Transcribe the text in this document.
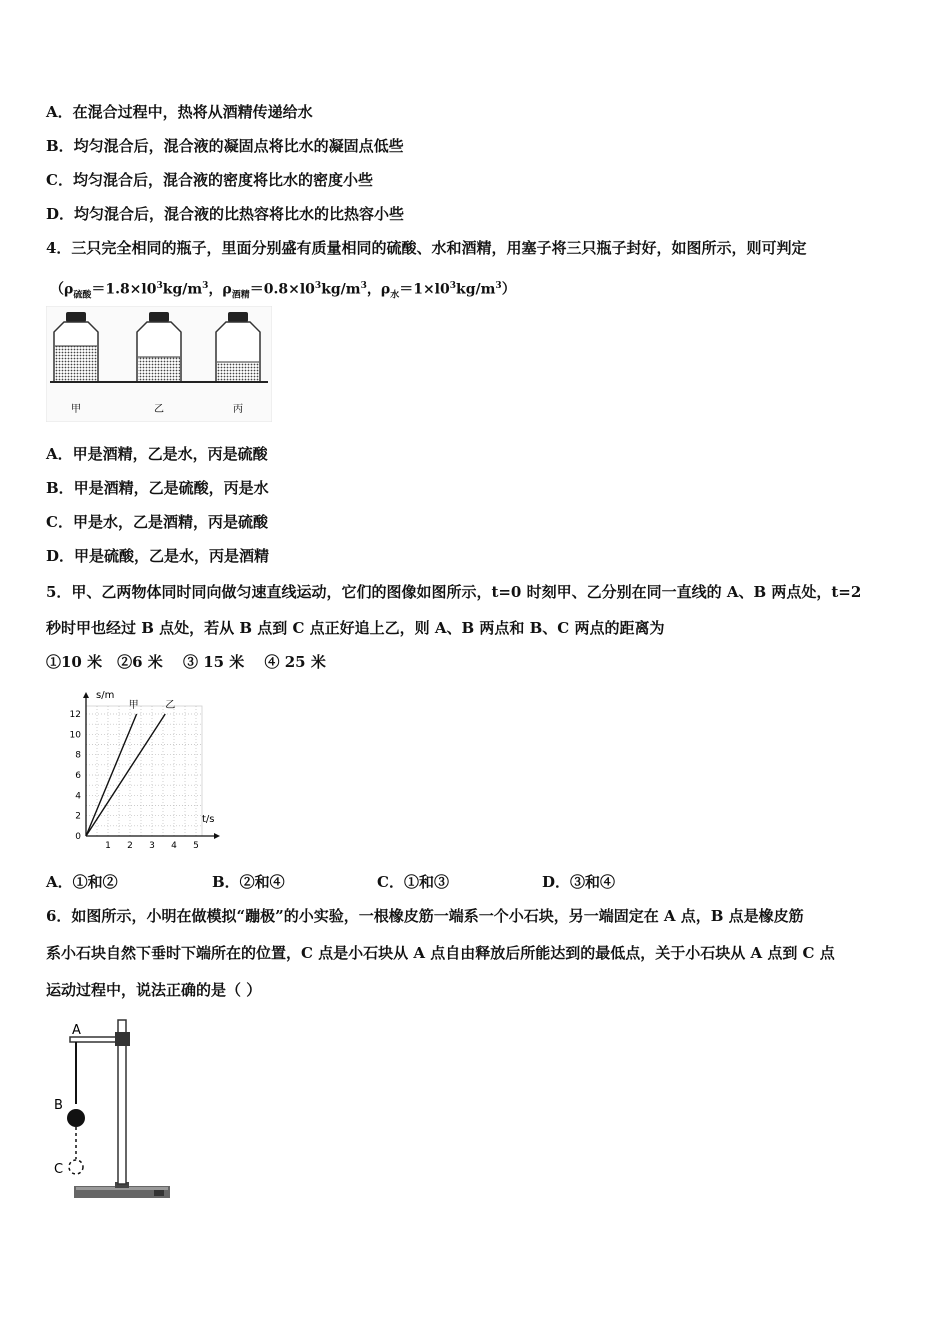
A．在混合过程中，热将从酒精传递给水
B．均匀混合后，混合液的凝固点将比水的凝固点低些
C．均匀混合后，混合液的密度将比水的密度小些
D．均匀混合后，混合液的比热容将比水的比热容小些
4．三只完全相同的瓶子，里面分别盛有质量相同的硫酸、水和酒精，用塞子将三只瓶子封好，如图所示，则可判定
（$\rho_{硫酸}=1.8\times l0^3kg/m^3$，$\rho_{酒精}=0.8\times l0^3kg/m^3$，$\rho_水=1\times l0^3kg/m^3$）
甲	乙	丙
A．甲是酒精，乙是水，丙是硫酸
B．甲是酒精，乙是硫酸，丙是水
C．甲是水，乙是酒精，丙是硫酸
D．甲是硫酸，乙是水，丙是酒精
5．甲、乙两物体同时同向做匀速直线运动，它们的图像如图所示，t=0 时刻甲、乙分别在同一直线的 A、B 两点处，t=2
秒时甲也经过 B 点处，若从 B 点到 C 点正好追上乙，则 A、B 两点和 B、C 两点的距离为
①10 米　②6 米　 ③ 15 米　 ④ 25 米
0
2
4
6
8
10
12
1 2 3 4 5
甲	乙
s/m
t/s
A．①和②	B．②和④	C．①和③	D．③和④
6．如图所示，小明在做模拟“蹦极”的小实验，一根橡皮筋一端系一个小石块，另一端固定在 A 点，B 点是橡皮筋
系小石块自然下垂时下端所在的位置，C 点是小石块从 A 点自由释放后所能达到的最低点，关于小石块从 A 点到 C 点
运动过程中，说法正确的是（ ）
A
B
C
